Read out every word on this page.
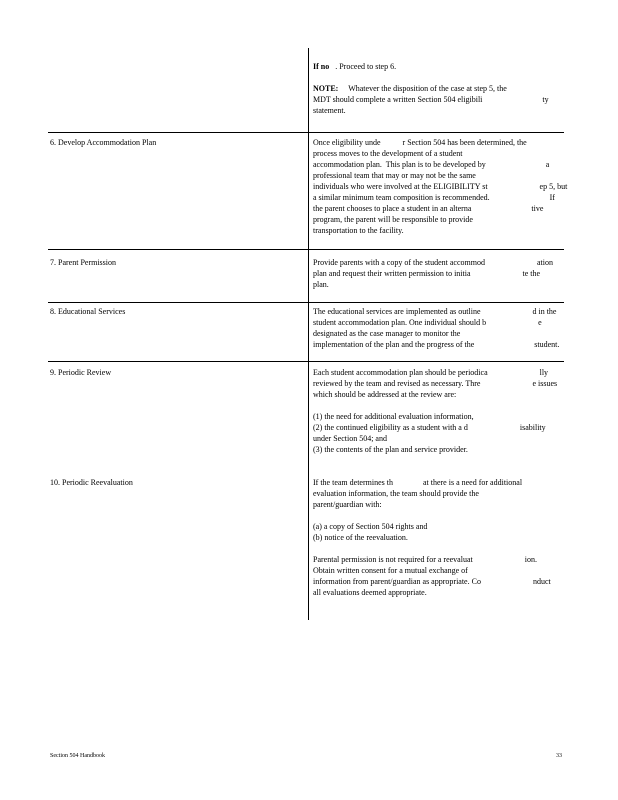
If no   . Proceed to step 6.

NOTE:     Whatever the disposition of the case at step 5, the
MDT should complete a written Section 504 eligibili                              ty
statement.
6. Develop Accommodation Plan	Once eligibility unde           r Section 504 has been determined, the
process moves to the development of a student
accommodation plan.  This plan is to be developed by                              a
professional team that may or may not be the same
individuals who were involved at the ELIGIBILITY st                          ep 5, but
a similar minimum team composition is recommended.                              If
the parent chooses to place a student in an alterna                              tive
program, the parent will be responsible to provide
transportation to the facility.
7. Parent Permission	Provide parents with a copy of the student accommod                          ation
plan and request their written permission to initia                          te the
plan.
8. Educational Services	The educational services are implemented as outline                          d in the
student accommodation plan. One individual should b                          e
designated as the case manager to monitor the
implementation of the plan and the progress of the                              student.
9. Periodic Review	Each student accommodation plan should be periodica                          lly
reviewed by the team and revised as necessary. Thre                          e issues
which should be addressed at the review are:

(1) the need for additional evaluation information,
(2) the continued eligibility as a student with a d                          isability
under Section 504; and
(3) the contents of the plan and service provider.
10. Periodic Reevaluation	If the team determines th               at there is a need for additional
evaluation information, the team should provide the
parent/guardian with:

(a) a copy of Section 504 rights and
(b) notice of the reevaluation.

Parental permission is not required for a reevaluat                          ion.
Obtain written consent for a mutual exchange of
information from parent/guardian as appropriate. Co                          nduct
all evaluations deemed appropriate.
Section 504 Handbook	33
